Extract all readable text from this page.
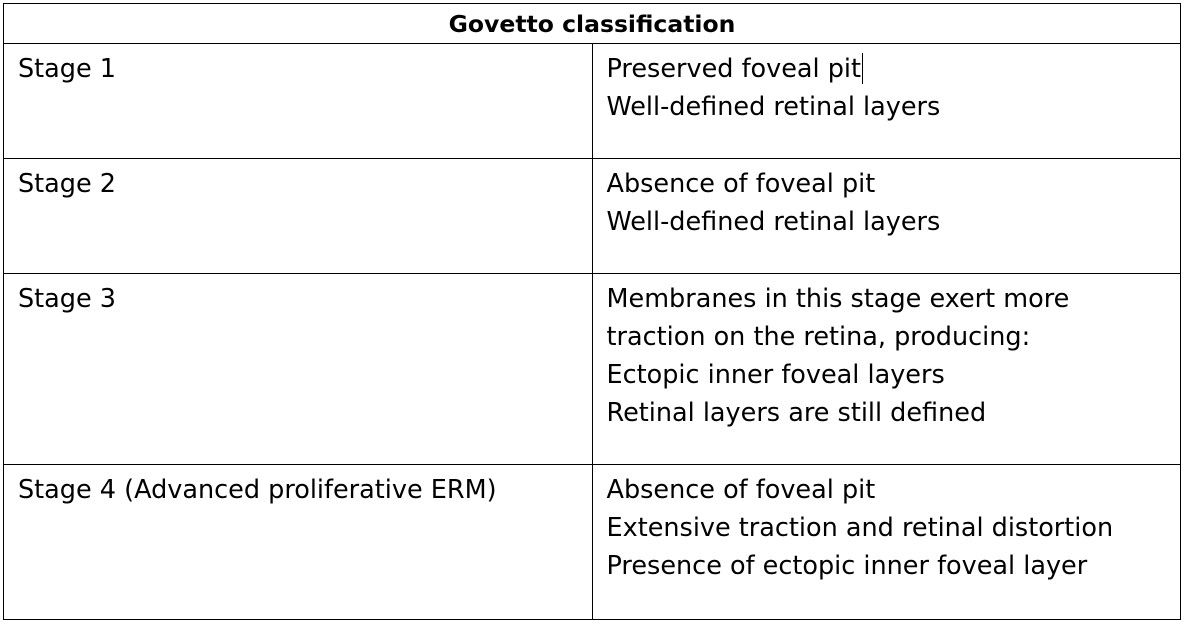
Govetto classification	
Stage 1	Preserved foveal pit
Well-defined retinal layers

Stage 2	Absence of foveal pit
Well-defined retinal layers

Stage 3	Membranes in this stage exert more
traction on the retina, producing:
Ectopic inner foveal layers
Retinal layers are still defined

Stage 4 (Advanced proliferative ERM)	Absence of foveal pit
Extensive traction and retinal distortion
Presence of ectopic inner foveal layer
